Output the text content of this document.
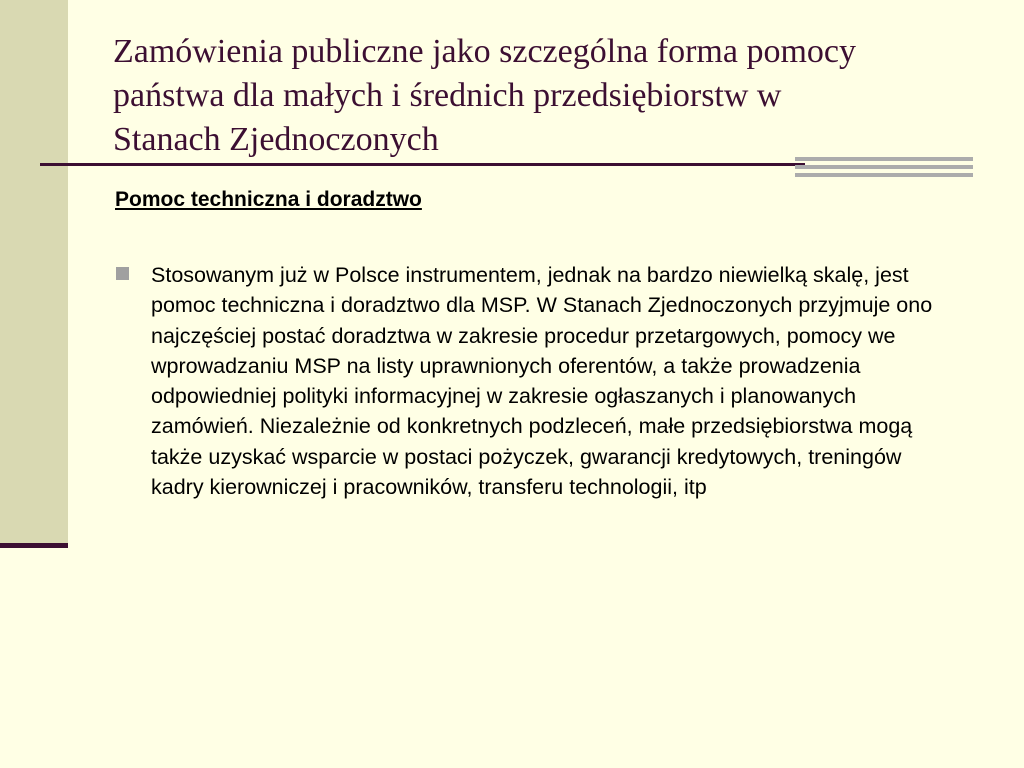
Zamówienia publiczne jako szczególna forma pomocy państwa dla małych i średnich przedsiębiorstw w Stanach Zjednoczonych
Pomoc techniczna i doradztwo

Stosowanym już w Polsce instrumentem, jednak na bardzo niewielką skalę, jest pomoc techniczna i doradztwo dla MSP. W Stanach Zjednoczonych przyjmuje ono najczęściej postać doradztwa w zakresie procedur przetargowych, pomocy we wprowadzaniu MSP na listy uprawnionych oferentów, a także prowadzenia odpowiedniej polityki informacyjnej w zakresie ogłaszanych i planowanych zamówień. Niezależnie od konkretnych podzleceń, małe przedsiębiorstwa mogą także uzyskać wsparcie w postaci pożyczek, gwarancji kredytowych, treningów kadry kierowniczej i pracowników, transferu technologii, itp
